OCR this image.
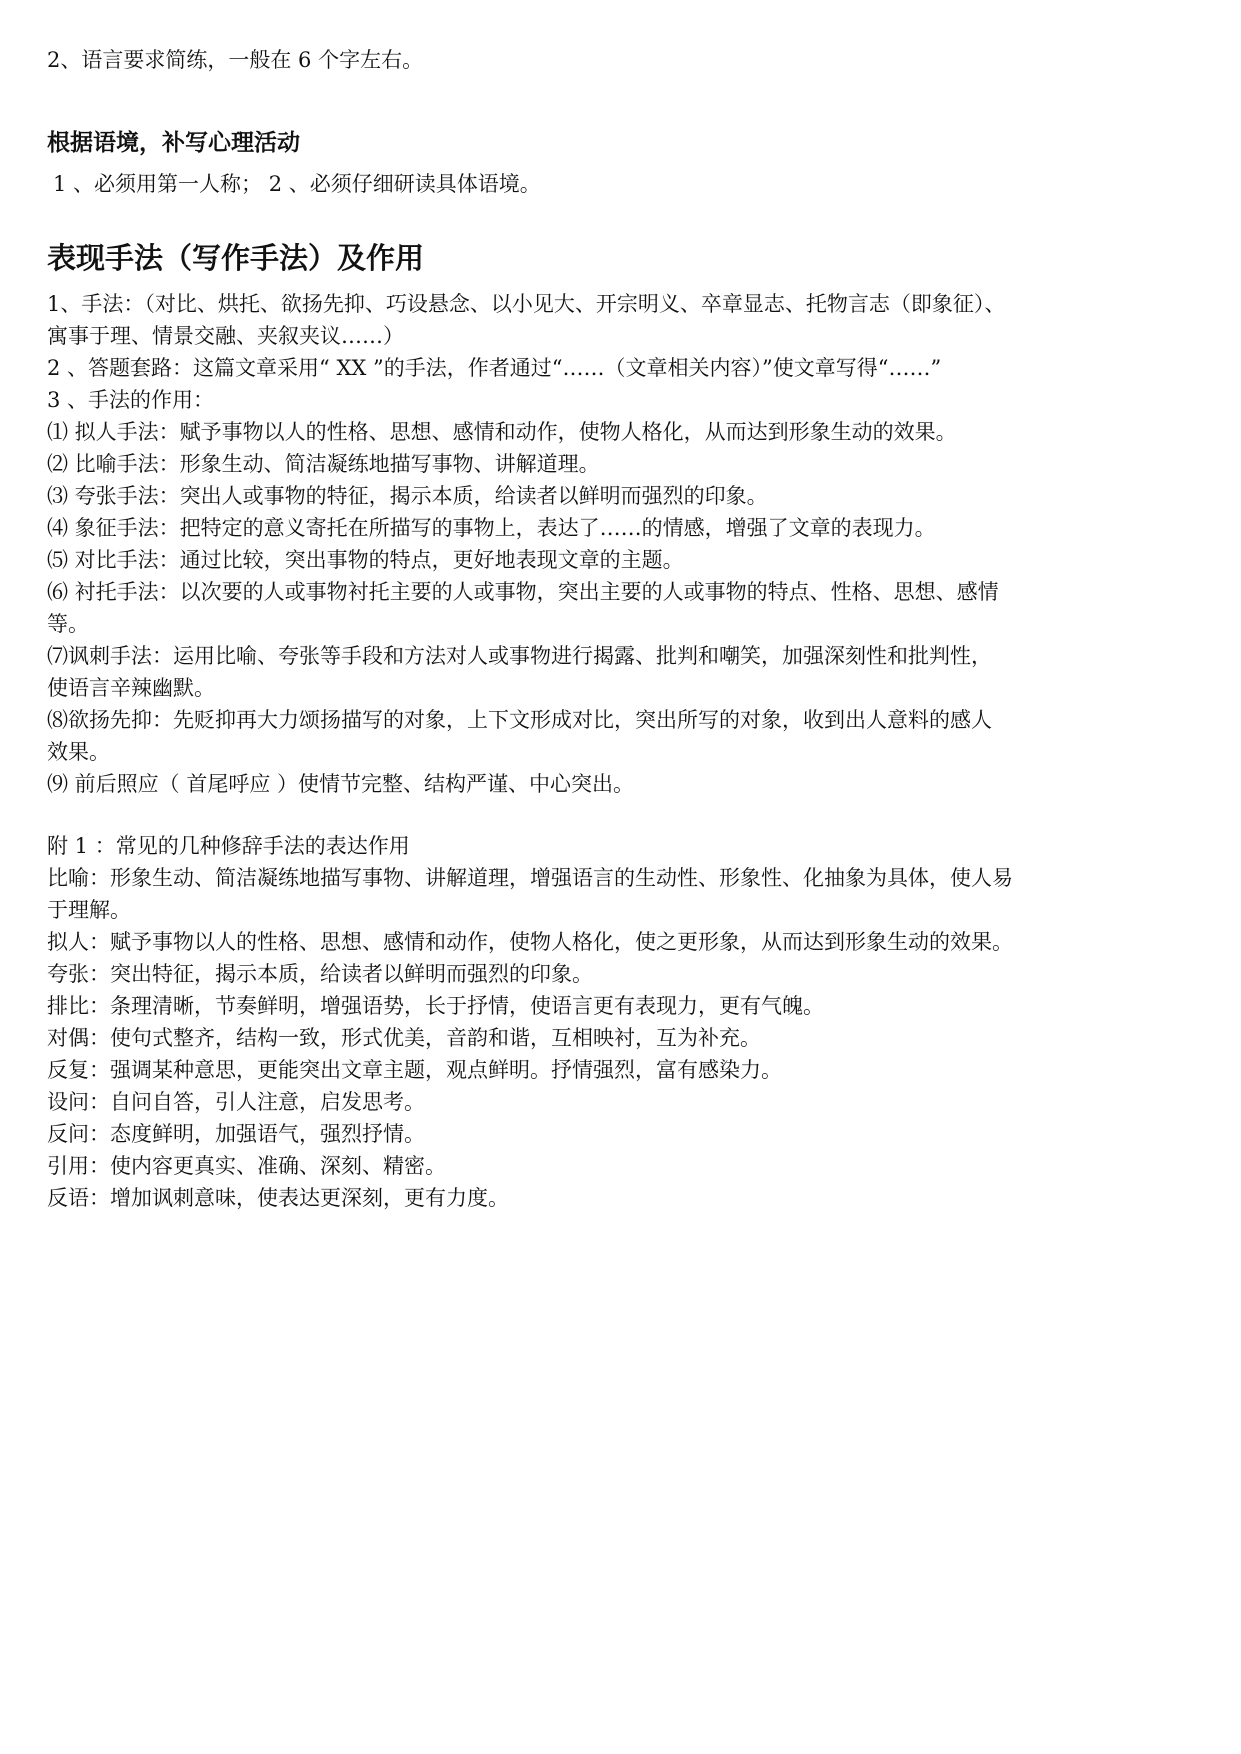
2、语言要求简练，一般在 6 个字左右。

根据语境，补写心理活动

1 、必须用第一人称； 2 、必须仔细研读具体语境。

表现手法（写作手法）及作用

1、手法：（对比、烘托、欲扬先抑、巧设悬念、以小见大、开宗明义、卒章显志、托物言志（即象征）、

寓事于理、情景交融、夹叙夹议……）

2 、答题套路：这篇文章采用“ XX ”的手法，作者通过“……（文章相关内容）”使文章写得“……”

3 、手法的作用：

⑴ 拟人手法：赋予事物以人的性格、思想、感情和动作，使物人格化，从而达到形象生动的效果。

⑵ 比喻手法：形象生动、简洁凝练地描写事物、讲解道理。

⑶ 夸张手法：突出人或事物的特征，揭示本质，给读者以鲜明而强烈的印象。

⑷ 象征手法：把特定的意义寄托在所描写的事物上，表达了……的情感，增强了文章的表现力。

⑸ 对比手法：通过比较，突出事物的特点，更好地表现文章的主题。

⑹ 衬托手法：以次要的人或事物衬托主要的人或事物，突出主要的人或事物的特点、性格、思想、感情

等。

⑺讽刺手法：运用比喻、夸张等手段和方法对人或事物进行揭露、批判和嘲笑，加强深刻性和批判性，

使语言辛辣幽默。

⑻欲扬先抑：先贬抑再大力颂扬描写的对象，上下文形成对比，突出所写的对象，收到出人意料的感人

效果。

⑼ 前后照应（ 首尾呼应 ）使情节完整、结构严谨、中心突出。

附 1 ：常见的几种修辞手法的表达作用

比喻：形象生动、简洁凝练地描写事物、讲解道理，增强语言的生动性、形象性、化抽象为具体，使人易

于理解。

拟人：赋予事物以人的性格、思想、感情和动作，使物人格化，使之更形象，从而达到形象生动的效果。

夸张：突出特征，揭示本质，给读者以鲜明而强烈的印象。

排比：条理清晰，节奏鲜明，增强语势，长于抒情，使语言更有表现力，更有气魄。

对偶：使句式整齐，结构一致，形式优美，音韵和谐，互相映衬，互为补充。

反复：强调某种意思，更能突出文章主题，观点鲜明。抒情强烈，富有感染力。

设问：自问自答，引人注意，启发思考。

反问：态度鲜明，加强语气，强烈抒情。

引用：使内容更真实、准确、深刻、精密。

反语：增加讽刺意味，使表达更深刻，更有力度。
